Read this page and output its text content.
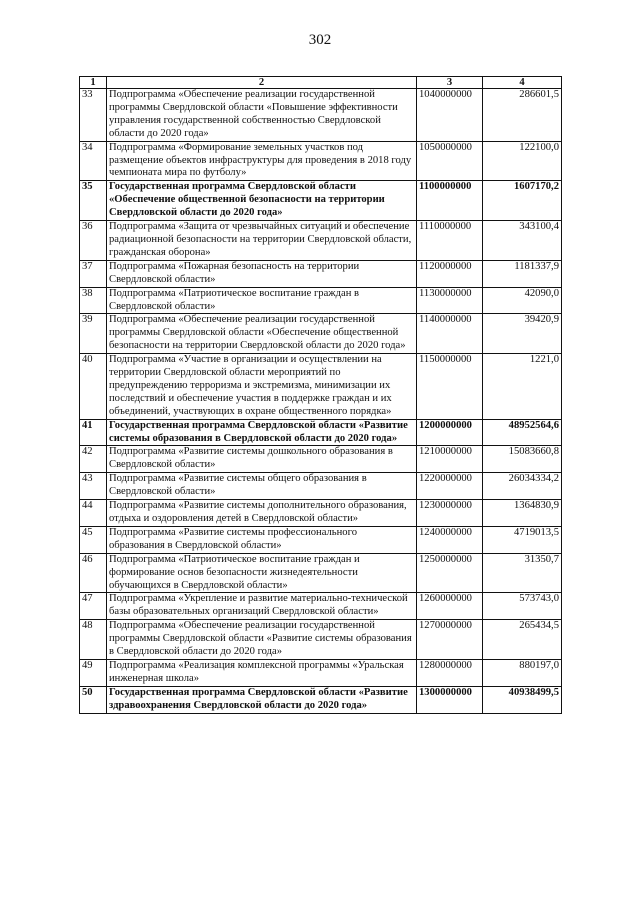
302
1	2	3	4
33	Подпрограмма «Обеспечение реализации государственной программы Свердловской области «Повышение эффективности управления государственной собственностью Свердловской области до 2020 года»	1040000000	286601,5
34	Подпрограмма «Формирование земельных участков под размещение объектов инфраструктуры для проведения в 2018 году чемпионата мира по футболу»	1050000000	122100,0
35	Государственная программа Свердловской области «Обеспечение общественной безопасности на территории Свердловской области до 2020 года»	1100000000	1607170,2
36	Подпрограмма «Защита от чрезвычайных ситуаций и обеспечение радиационной безопасности на территории Свердловской области, гражданская оборона»	1110000000	343100,4
37	Подпрограмма «Пожарная безопасность на территории Свердловской области»	1120000000	1181337,9
38	Подпрограмма «Патриотическое воспитание граждан в Свердловской области»	1130000000	42090,0
39	Подпрограмма «Обеспечение реализации государственной программы Свердловской области «Обеспечение общественной безопасности на территории Свердловской области до 2020 года»	1140000000	39420,9
40	Подпрограмма «Участие в организации и осуществлении на территории Свердловской области мероприятий по предупреждению терроризма и экстремизма, минимизации их последствий и обеспечение участия в поддержке граждан и их объединений, участвующих в охране общественного порядка»	1150000000	1221,0
41	Государственная программа Свердловской области «Развитие системы образования в Свердловской области до 2020 года»	1200000000	48952564,6
42	Подпрограмма «Развитие системы дошкольного образования в Свердловской области»	1210000000	15083660,8
43	Подпрограмма «Развитие системы общего образования в Свердловской области»	1220000000	26034334,2
44	Подпрограмма «Развитие системы дополнительного образования, отдыха и оздоровления детей в Свердловской области»	1230000000	1364830,9
45	Подпрограмма «Развитие системы профессионального образования в Свердловской области»	1240000000	4719013,5
46	Подпрограмма «Патриотическое воспитание граждан и формирование основ безопасности жизнедеятельности обучающихся в Свердловской области»	1250000000	31350,7
47	Подпрограмма «Укрепление и развитие материально-технической базы образовательных организаций Свердловской области»	1260000000	573743,0
48	Подпрограмма «Обеспечение реализации государственной программы Свердловской области «Развитие системы образования в Свердловской области до 2020 года»	1270000000	265434,5
49	Подпрограмма «Реализация комплексной программы «Уральская инженерная школа»	1280000000	880197,0
50	Государственная программа Свердловской области «Развитие здравоохранения Свердловской области до 2020 года»	1300000000	40938499,5
